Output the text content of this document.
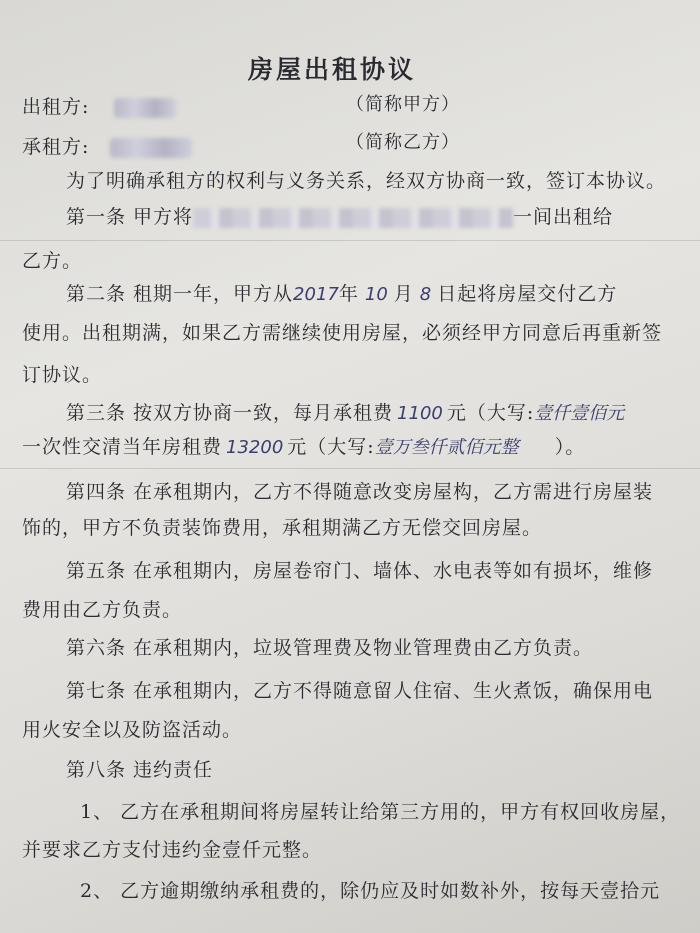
房屋出租协议
出租方:	（简称甲方）
承租方:	（简称乙方）
为了明确承租方的权利与义务关系，经双方协商一致，签订本协议。
第一条 甲方将	一间出租给
乙方。
第二条 租期一年，甲方从2017年 10 月 8 日起将房屋交付乙方
使用。出租期满，如果乙方需继续使用房屋，必须经甲方同意后再重新签
订协议。
第三条 按双方协商一致，每月承租费 1100 元（大写:壹仟壹佰元
一次性交清当年房租费 13200 元（大写:壹万叁仟贰佰元整 ）。
第四条 在承租期内，乙方不得随意改变房屋构，乙方需进行房屋装
饰的，甲方不负责装饰费用，承租期满乙方无偿交回房屋。
第五条 在承租期内，房屋卷帘门、墙体、水电表等如有损坏，维修
费用由乙方负责。
第六条 在承租期内，垃圾管理费及物业管理费由乙方负责。
第七条 在承租期内，乙方不得随意留人住宿、生火煮饭，确保用电
用火安全以及防盗活动。
第八条 违约责任
1、 乙方在承租期间将房屋转让给第三方用的，甲方有权回收房屋，
并要求乙方支付违约金壹仟元整。
2、 乙方逾期缴纳承租费的，除仍应及时如数补外，按每天壹拾元
